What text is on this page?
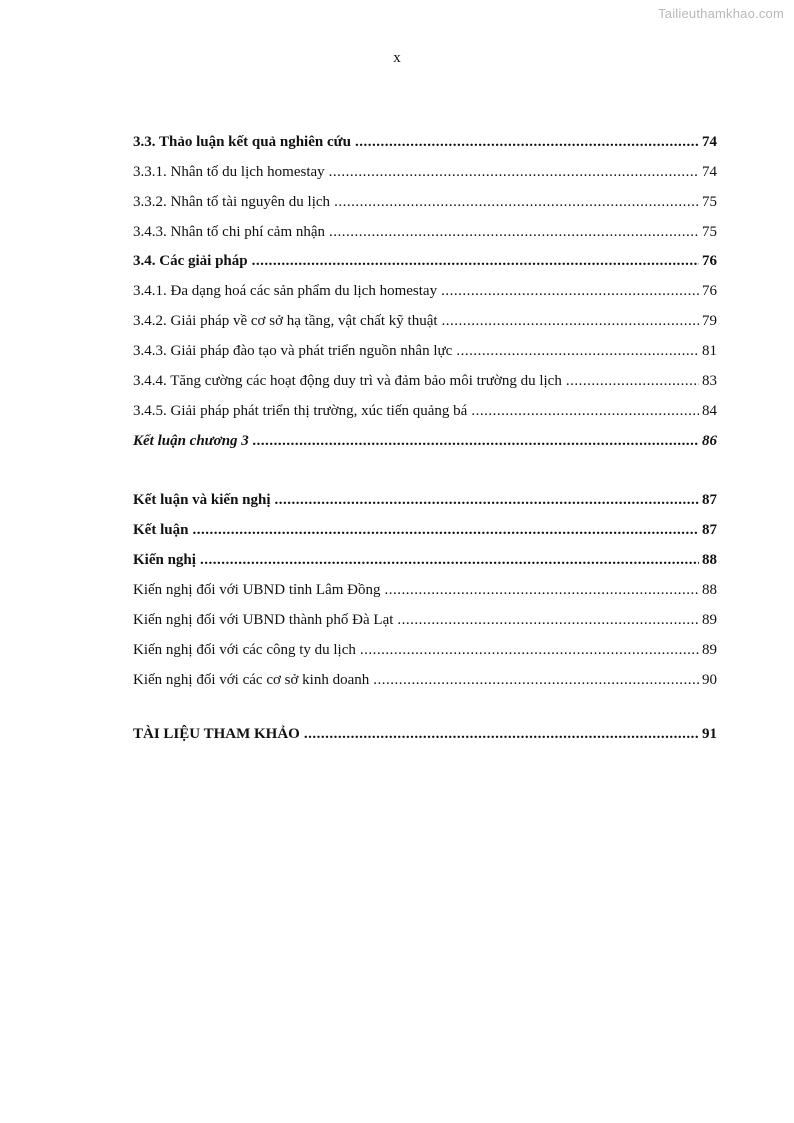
Tailieuthamkhao.com
x
3.3. Thảo luận kết quả nghiên cứu .....	74
3.3.1. Nhân tố du lịch homestay .....	74
3.3.2. Nhân tố tài nguyên du lịch .....	75
3.4.3. Nhân tố chi phí cảm nhận .....	75
3.4. Các giải pháp .....	76
3.4.1. Đa dạng hoá các sản phẩm du lịch homestay .....	76
3.4.2. Giải pháp về cơ sở hạ tầng, vật chất kỹ thuật .....	79
3.4.3. Giải pháp đào tạo và phát triển nguồn nhân lực .....	81
3.4.4. Tăng cường các hoạt động duy trì và đảm bảo môi trường du lịch .....	83
3.4.5. Giải pháp phát triển thị trường, xúc tiến quảng bá .....	84
Kết luận chương 3 .....	86
Kết luận và kiến nghị .....	87
Kết luận .....	87
Kiến nghị .....	88
Kiến nghị đối với UBND tỉnh Lâm Đồng .....	88
Kiến nghị đối với UBND thành phố Đà Lạt .....	89
Kiến nghị đối với các công ty du lịch .....	89
Kiến nghị đối với các cơ sở kinh doanh .....	90
TÀI LIỆU THAM KHẢO .....	91
